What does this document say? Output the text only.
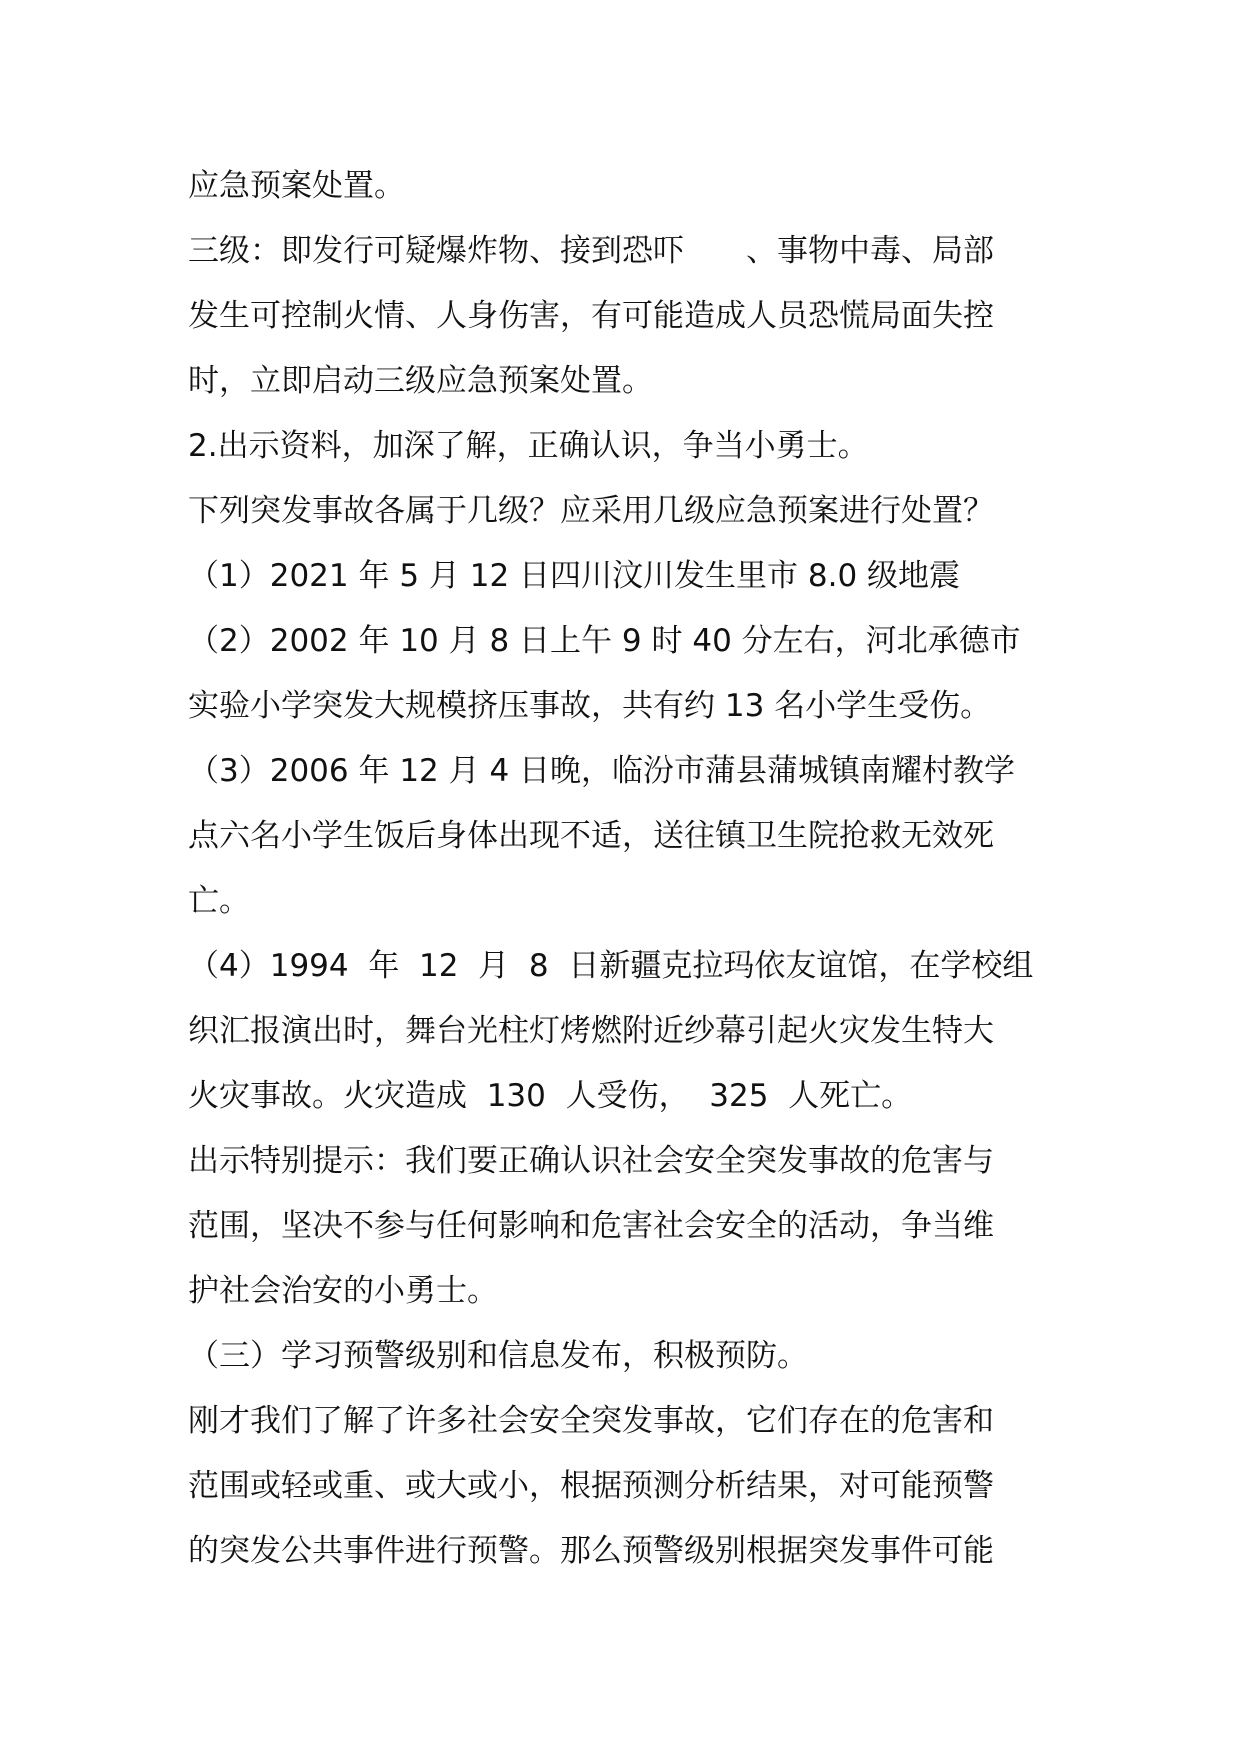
应急预案处置。
三级：即发行可疑爆炸物、接到恐吓　　、事物中毒、局部
发生可控制火情、人身伤害，有可能造成人员恐慌局面失控
时，立即启动三级应急预案处置。
2.出示资料，加深了解，正确认识，争当小勇士。
下列突发事故各属于几级？应采用几级应急预案进行处置？
（1）2021 年 5 月 12 日四川汶川发生里市 8.0 级地震
（2）2002 年 10 月 8 日上午 9 时 40 分左右，河北承德市
实验小学突发大规模挤压事故，共有约 13 名小学生受伤。
（3）2006 年 12 月 4 日晚，临汾市蒲县蒲城镇南耀村教学
点六名小学生饭后身体出现不适，送往镇卫生院抢救无效死
亡。
（4）1994  年  12  月  8  日新疆克拉玛依友谊馆，在学校组
织汇报演出时，舞台光柱灯烤燃附近纱幕引起火灾发生特大
火灾事故。火灾造成  130  人受伤，  325  人死亡。
出示特别提示：我们要正确认识社会安全突发事故的危害与
范围，坚决不参与任何影响和危害社会安全的活动，争当维
护社会治安的小勇士。
（三）学习预警级别和信息发布，积极预防。
刚才我们了解了许多社会安全突发事故，它们存在的危害和
范围或轻或重、或大或小，根据预测分析结果，对可能预警
的突发公共事件进行预警。那么预警级别根据突发事件可能
